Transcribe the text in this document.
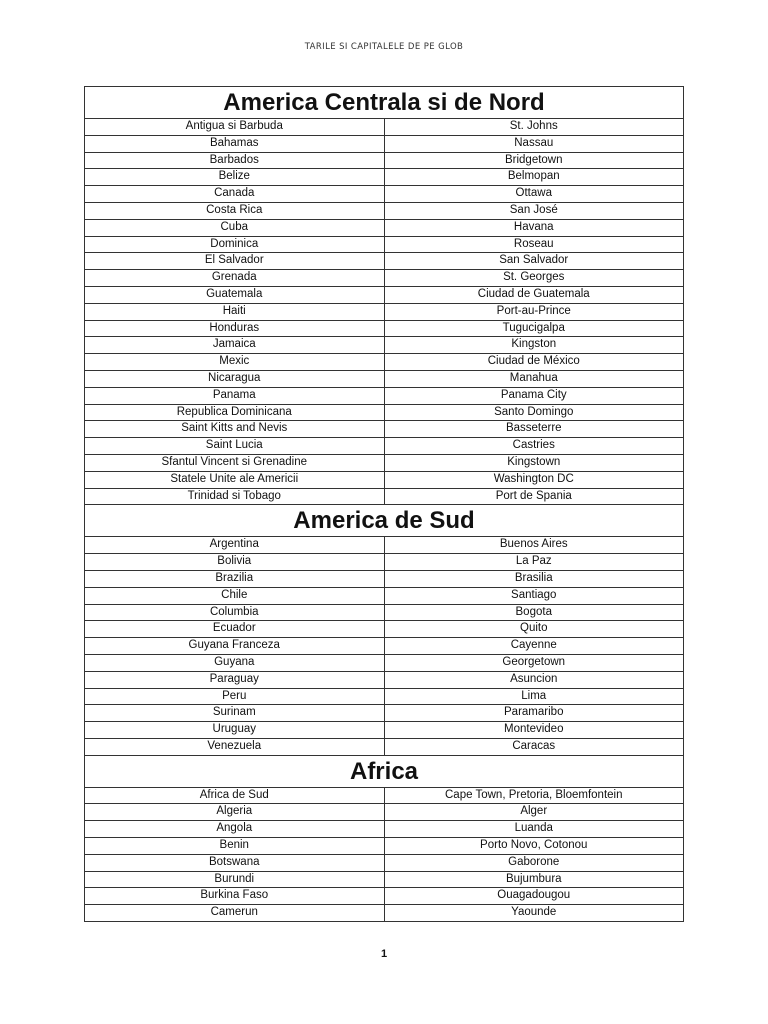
TARILE SI CAPITALELE DE PE GLOB
America Centrala si de Nord	
Antigua si Barbuda	St. Johns
Bahamas	Nassau
Barbados	Bridgetown
Belize	Belmopan
Canada	Ottawa
Costa Rica	San José
Cuba	Havana
Dominica	Roseau
El Salvador	San Salvador
Grenada	St. Georges
Guatemala	Ciudad de Guatemala
Haiti	Port-au-Prince
Honduras	Tugucigalpa
Jamaica	Kingston
Mexic	Ciudad de México
Nicaragua	Manahua
Panama	Panama City
Republica Dominicana	Santo Domingo
Saint Kitts and Nevis	Basseterre
Saint Lucia	Castries
Sfantul Vincent si Grenadine	Kingstown
Statele Unite ale Americii	Washington DC
Trinidad si Tobago	Port de Spania
America de Sud	
Argentina	Buenos Aires
Bolivia	La Paz
Brazilia	Brasilia
Chile	Santiago
Columbia	Bogota
Ecuador	Quito
Guyana Franceza	Cayenne
Guyana	Georgetown
Paraguay	Asuncion
Peru	Lima
Surinam	Paramaribo
Uruguay	Montevideo
Venezuela	Caracas
Africa	
Africa de Sud	Cape Town, Pretoria, Bloemfontein
Algeria	Alger
Angola	Luanda
Benin	Porto Novo, Cotonou
Botswana	Gaborone
Burundi	Bujumbura
Burkina Faso	Ouagadougou
Camerun	Yaounde
1
